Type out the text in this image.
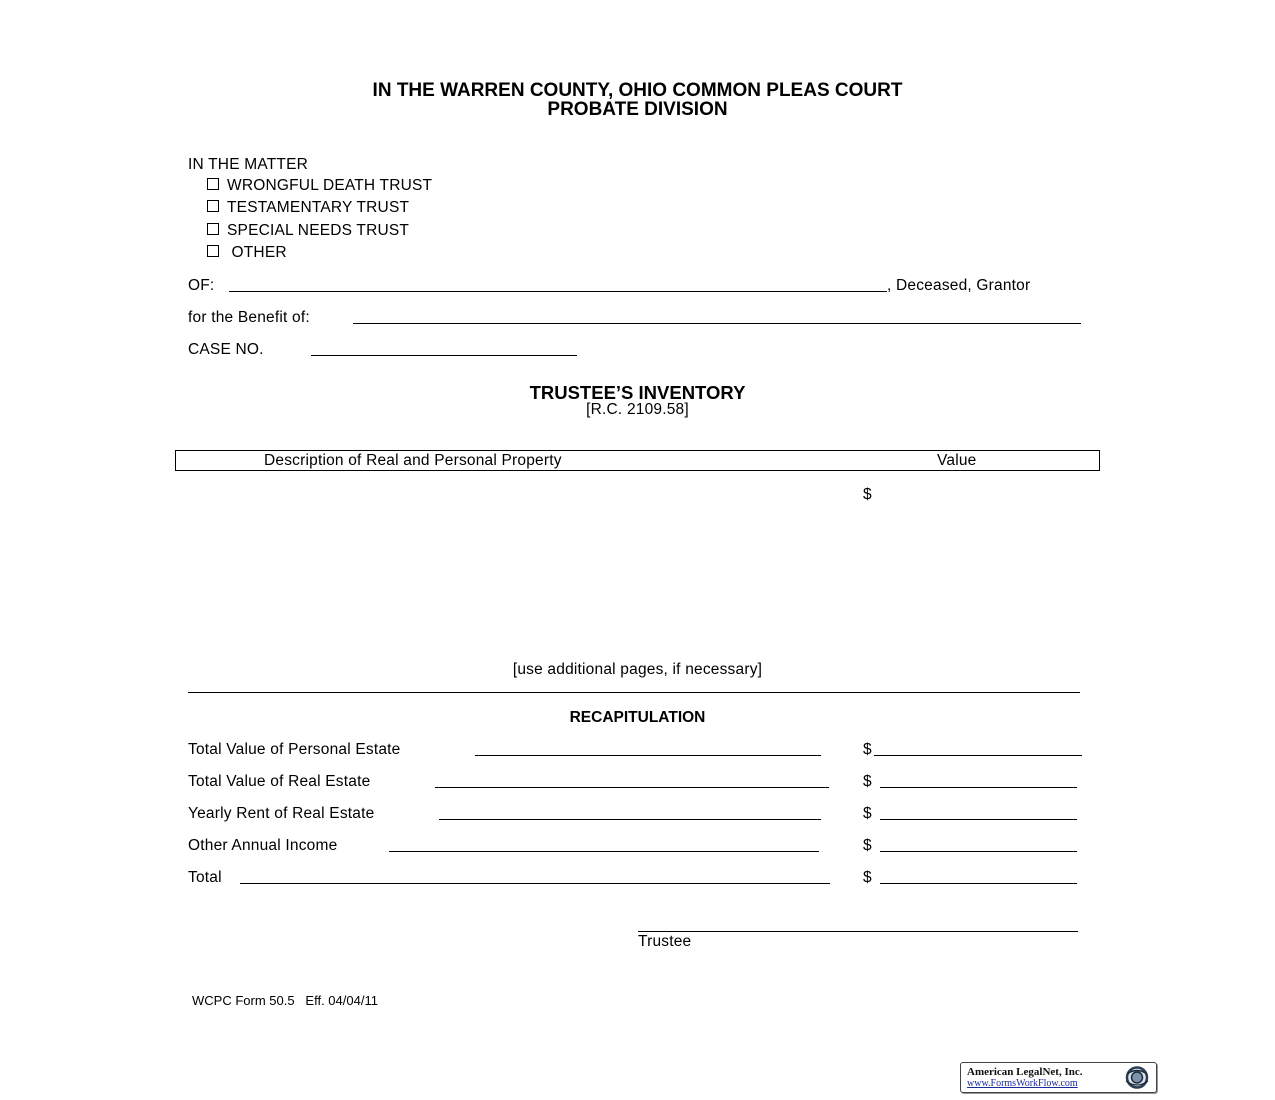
IN THE WARREN COUNTY, OHIO COMMON PLEAS COURT
PROBATE DIVISION
IN THE MATTER
WRONGFUL DEATH TRUST
TESTAMENTARY TRUST
SPECIAL NEEDS TRUST
OTHER
OF:	, Deceased, Grantor
for the Benefit of:
CASE NO.
TRUSTEE’S INVENTORY
[R.C. 2109.58]
Description of Real and Personal Property	Value
$
[use additional pages, if necessary]
RECAPITULATION
Total Value of Personal Estate	$
Total Value of Real Estate	$
Yearly Rent of Real Estate	$
Other Annual Income	$
Total	$
Trustee
WCPC Form 50.5 Eff. 04/04/11
American LegalNet, Inc.
www.FormsWorkFlow.com
